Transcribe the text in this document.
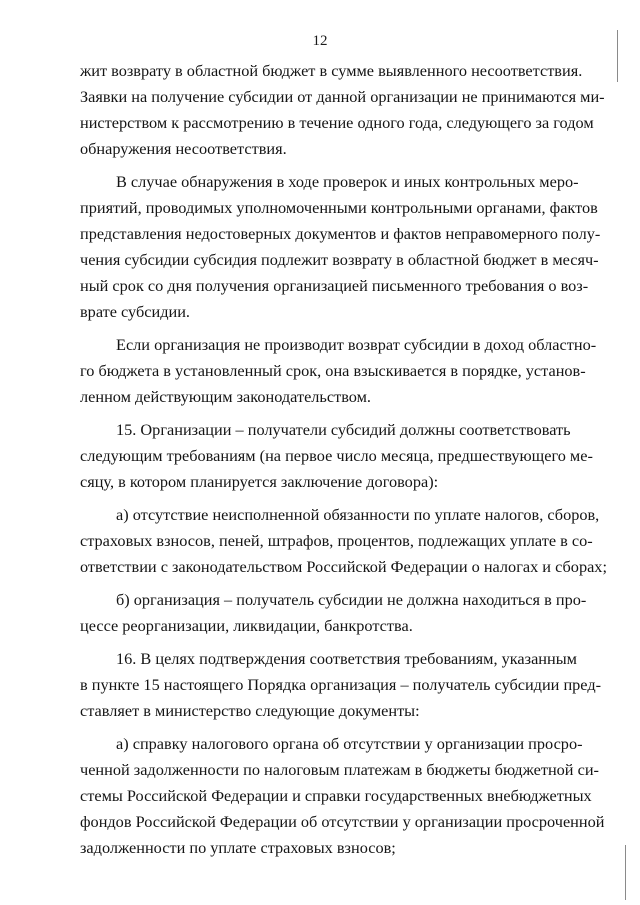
12
жит возврату в областной бюджет в сумме выявленного несоответствия.
Заявки на получение субсидии от данной организации не принимаются ми-
нистерством к рассмотрению в течение одного года, следующего за годом
обнаружения несоответствия.
В случае обнаружения в ходе проверок и иных контрольных меро-
приятий, проводимых уполномоченными контрольными органами, фактов
представления недостоверных документов и фактов неправомерного полу-
чения субсидии субсидия подлежит возврату в областной бюджет в месяч-
ный срок со дня получения организацией письменного требования о воз-
врате субсидии.
Если организация не производит возврат субсидии в доход областно-
го бюджета в установленный срок, она взыскивается в порядке, установ-
ленном действующим законодательством.
15. Организации – получатели субсидий должны соответствовать
следующим требованиям (на первое число месяца, предшествующего ме-
сяцу, в котором планируется заключение договора):
а) отсутствие неисполненной обязанности по уплате налогов, сборов,
страховых взносов, пеней, штрафов, процентов, подлежащих уплате в со-
ответствии с законодательством Российской Федерации о налогах и сборах;
б) организация – получатель субсидии не должна находиться в про-
цессе реорганизации, ликвидации, банкротства.
16. В целях подтверждения соответствия требованиям, указанным
в пункте 15 настоящего Порядка организация – получатель субсидии пред-
ставляет в министерство следующие документы:
а) справку налогового органа об отсутствии у организации просро-
ченной задолженности по налоговым платежам в бюджеты бюджетной си-
стемы Российской Федерации и справки государственных внебюджетных
фондов Российской Федерации об отсутствии у организации просроченной
задолженности по уплате страховых взносов;
